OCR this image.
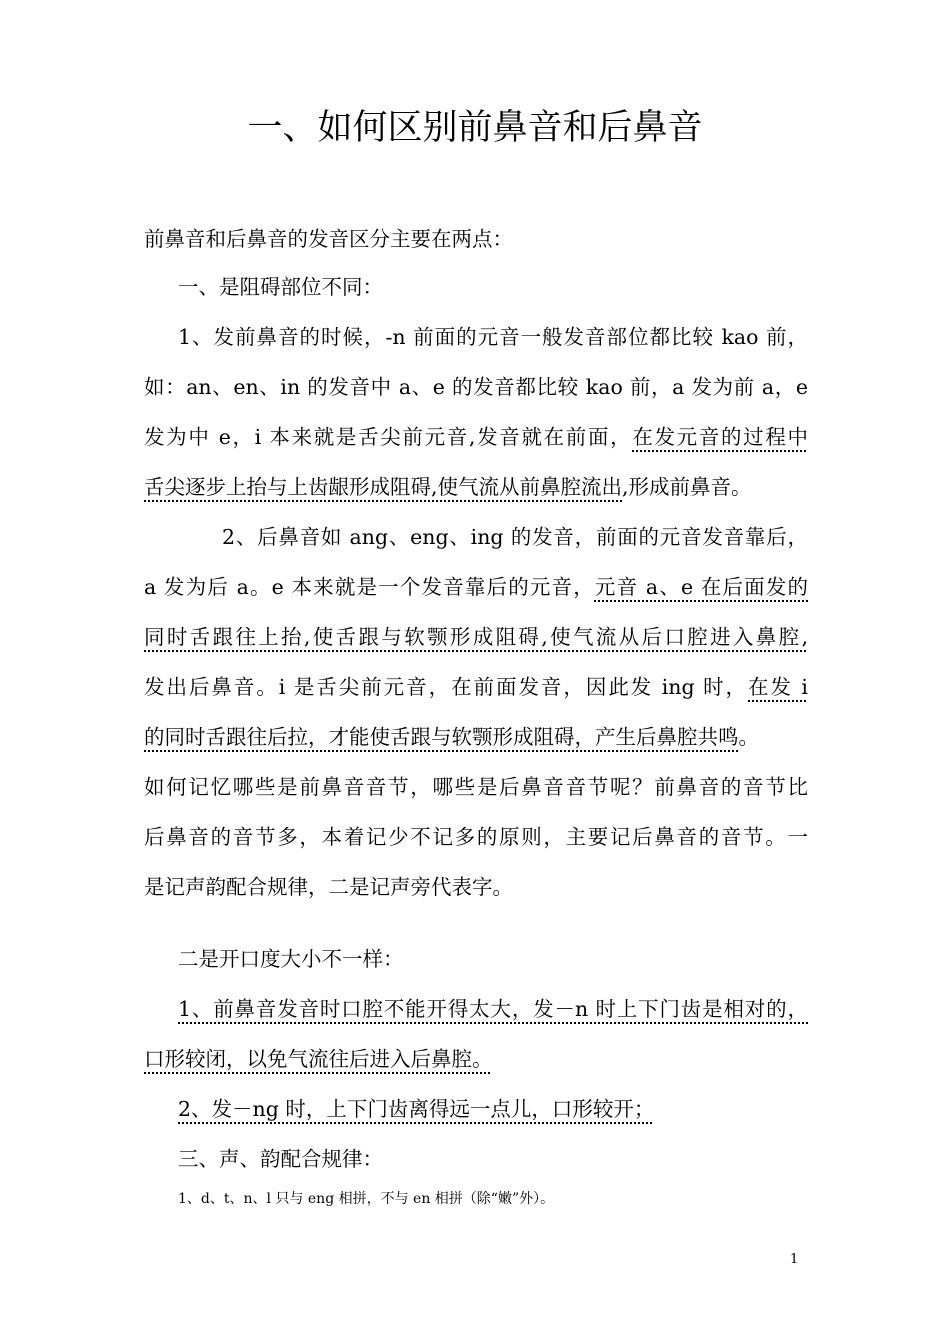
一、如何区别前鼻音和后鼻音
前鼻音和后鼻音的发音区分主要在两点：
一、是阻碍部位不同：
1、发前鼻音的时候，-n 前面的元音一般发音部位都比较 kao 前，
如：an、en、in 的发音中 a、e 的发音都比较 kao 前，a 发为前 a，e
发为中 e，i 本来就是舌尖前元音,发音就在前面，在发元音的过程中
舌尖逐步上抬与上齿龈形成阻碍,使气流从前鼻腔流出,形成前鼻音。
2、后鼻音如 ang、eng、ing 的发音，前面的元音发音靠后，
a 发为后 a。e 本来就是一个发音靠后的元音，元音 a、e 在后面发的
同时舌跟往上抬,使舌跟与软颚形成阻碍,使气流从后口腔进入鼻腔,
发出后鼻音。i 是舌尖前元音，在前面发音，因此发 ing 时，在发 i
的同时舌跟往后拉，才能使舌跟与软颚形成阻碍，产生后鼻腔共鸣。
如何记忆哪些是前鼻音音节，哪些是后鼻音音节呢？前鼻音的音节比
后鼻音的音节多，本着记少不记多的原则，主要记后鼻音的音节。一
是记声韵配合规律，二是记声旁代表字。
二是开口度大小不一样：
1、前鼻音发音时口腔不能开得太大，发－n 时上下门齿是相对的，
口形较闭，以免气流往后进入后鼻腔。
2、发－ng 时，上下门齿离得远一点儿，口形较开；
三、声、韵配合规律：
1、d、t、n、l 只与 eng 相拼，不与 en 相拼（除“嫩”外）。
1
